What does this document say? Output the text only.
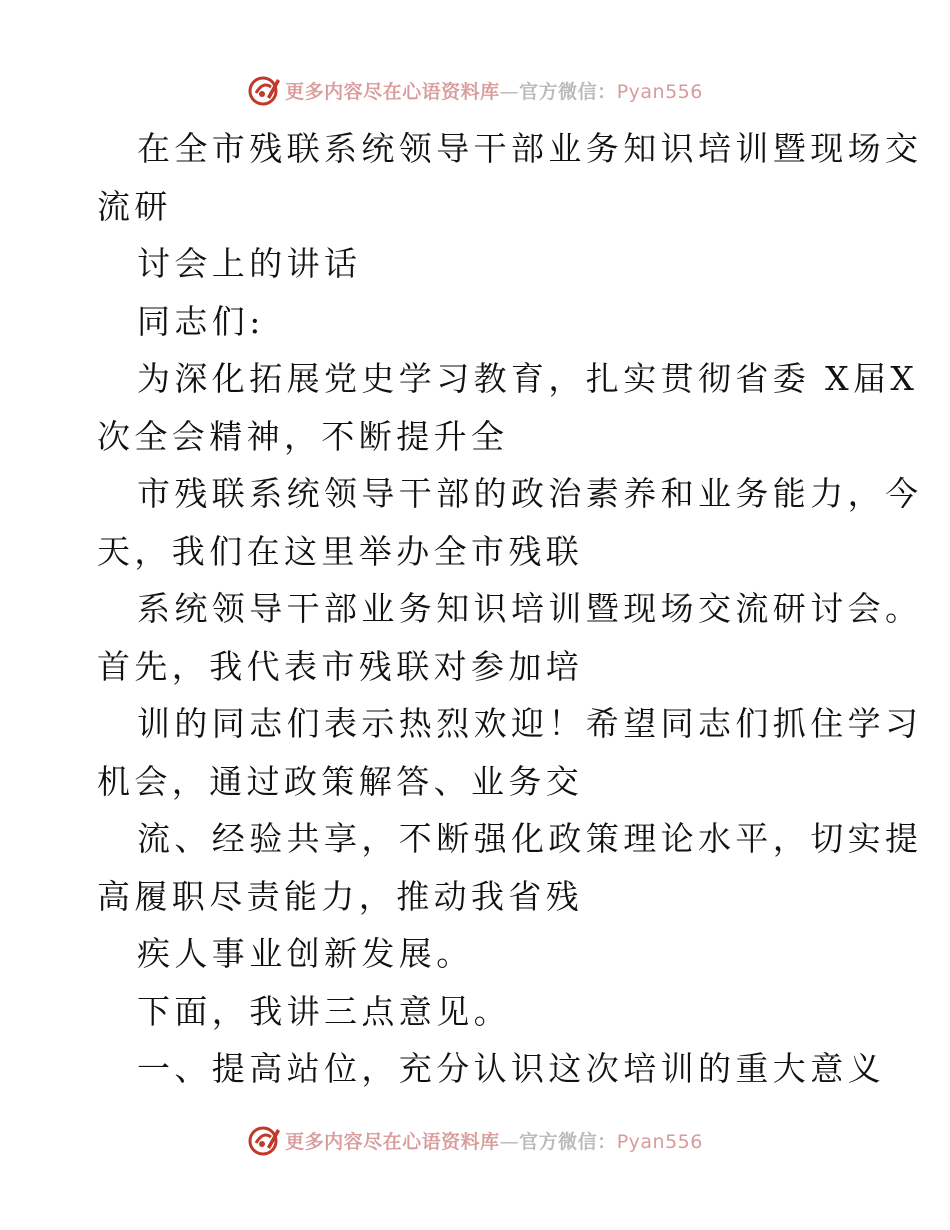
更多内容尽在心语资料库—官方微信：Pyan556
在全市残联系统领导干部业务知识培训暨现场交
流研
讨会上的讲话
同志们:
为深化拓展党史学习教育，扎实贯彻省委 X届X
次全会精神，不断提升全
市残联系统领导干部的政治素养和业务能力，今
天，我们在这里举办全市残联
系统领导干部业务知识培训暨现场交流研讨会。
首先，我代表市残联对参加培
训的同志们表示热烈欢迎！希望同志们抓住学习
机会，通过政策解答、业务交
流、经验共享，不断强化政策理论水平，切实提
高履职尽责能力，推动我省残
疾人事业创新发展。
下面，我讲三点意见。
一、提高站位，充分认识这次培训的重大意义
更多内容尽在心语资料库—官方微信：Pyan556
